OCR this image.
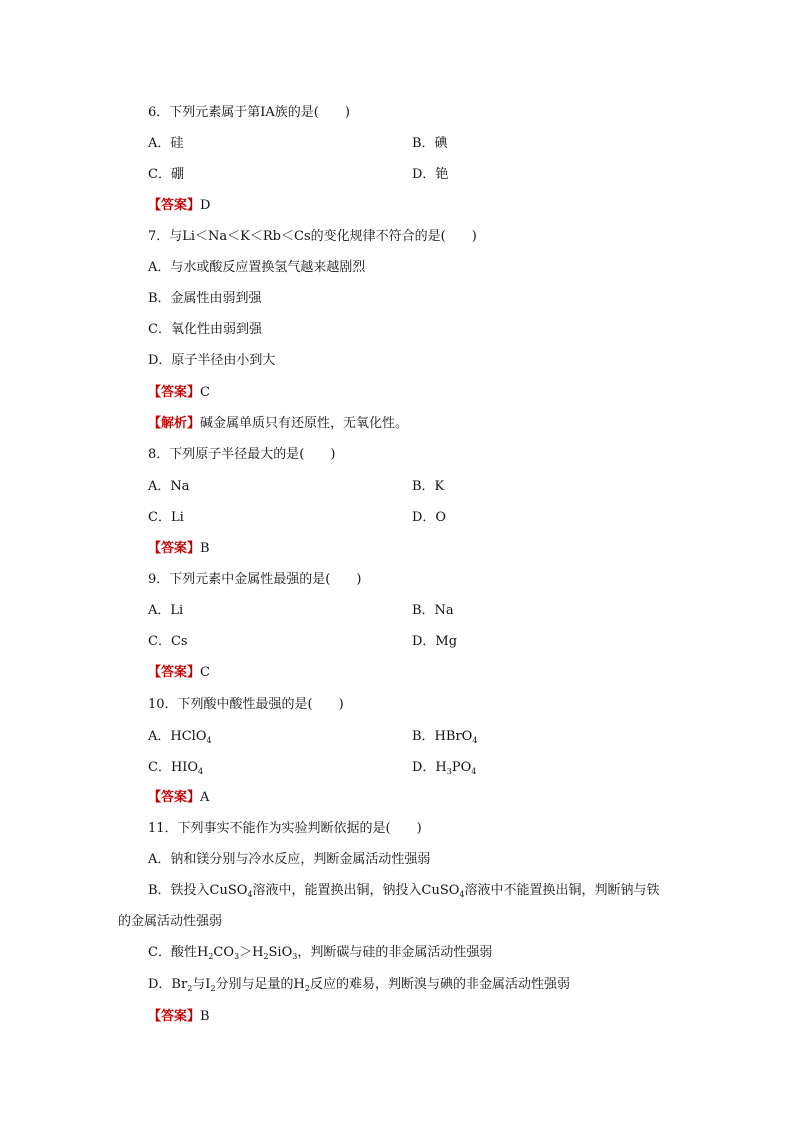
6．下列元素属于第ⅠA族的是(　　)
A．硅	B．碘
C．硼	D．铯
【答案】D
7．与Li＜Na＜K＜Rb＜Cs的变化规律不符合的是(　　)
A．与水或酸反应置换氢气越来越剧烈
B．金属性由弱到强
C．氧化性由弱到强
D．原子半径由小到大
【答案】C
【解析】碱金属单质只有还原性，无氧化性。
8．下列原子半径最大的是(　　)
A．Na	B．K
C．Li	D．O
【答案】B
9．下列元素中金属性最强的是(　　)
A．Li	B．Na
C．Cs	D．Mg
【答案】C
10．下列酸中酸性最强的是(　　)
A．HClO$_4$	B．HBrO$_4$
C．$HIO_4$	D．$H_3PO_4$
【答案】A
11．下列事实不能作为实验判断依据的是(　　)
A．钠和镁分别与冷水反应，判断金属活动性强弱
B．铁投入CuSO$_4$溶液中，能置换出铜，钠投入CuSO$_4$溶液中不能置换出铜，判断钠与铁
的金属活动性强弱
C．酸性$H_2CO_3>H_2SiO_3$，判断碳与硅的非金属活动性强弱
D．$Br_2$与$I_2$分别与足量的$H_2$反应的难易，判断溴与碘的非金属活动性强弱
【答案】B
